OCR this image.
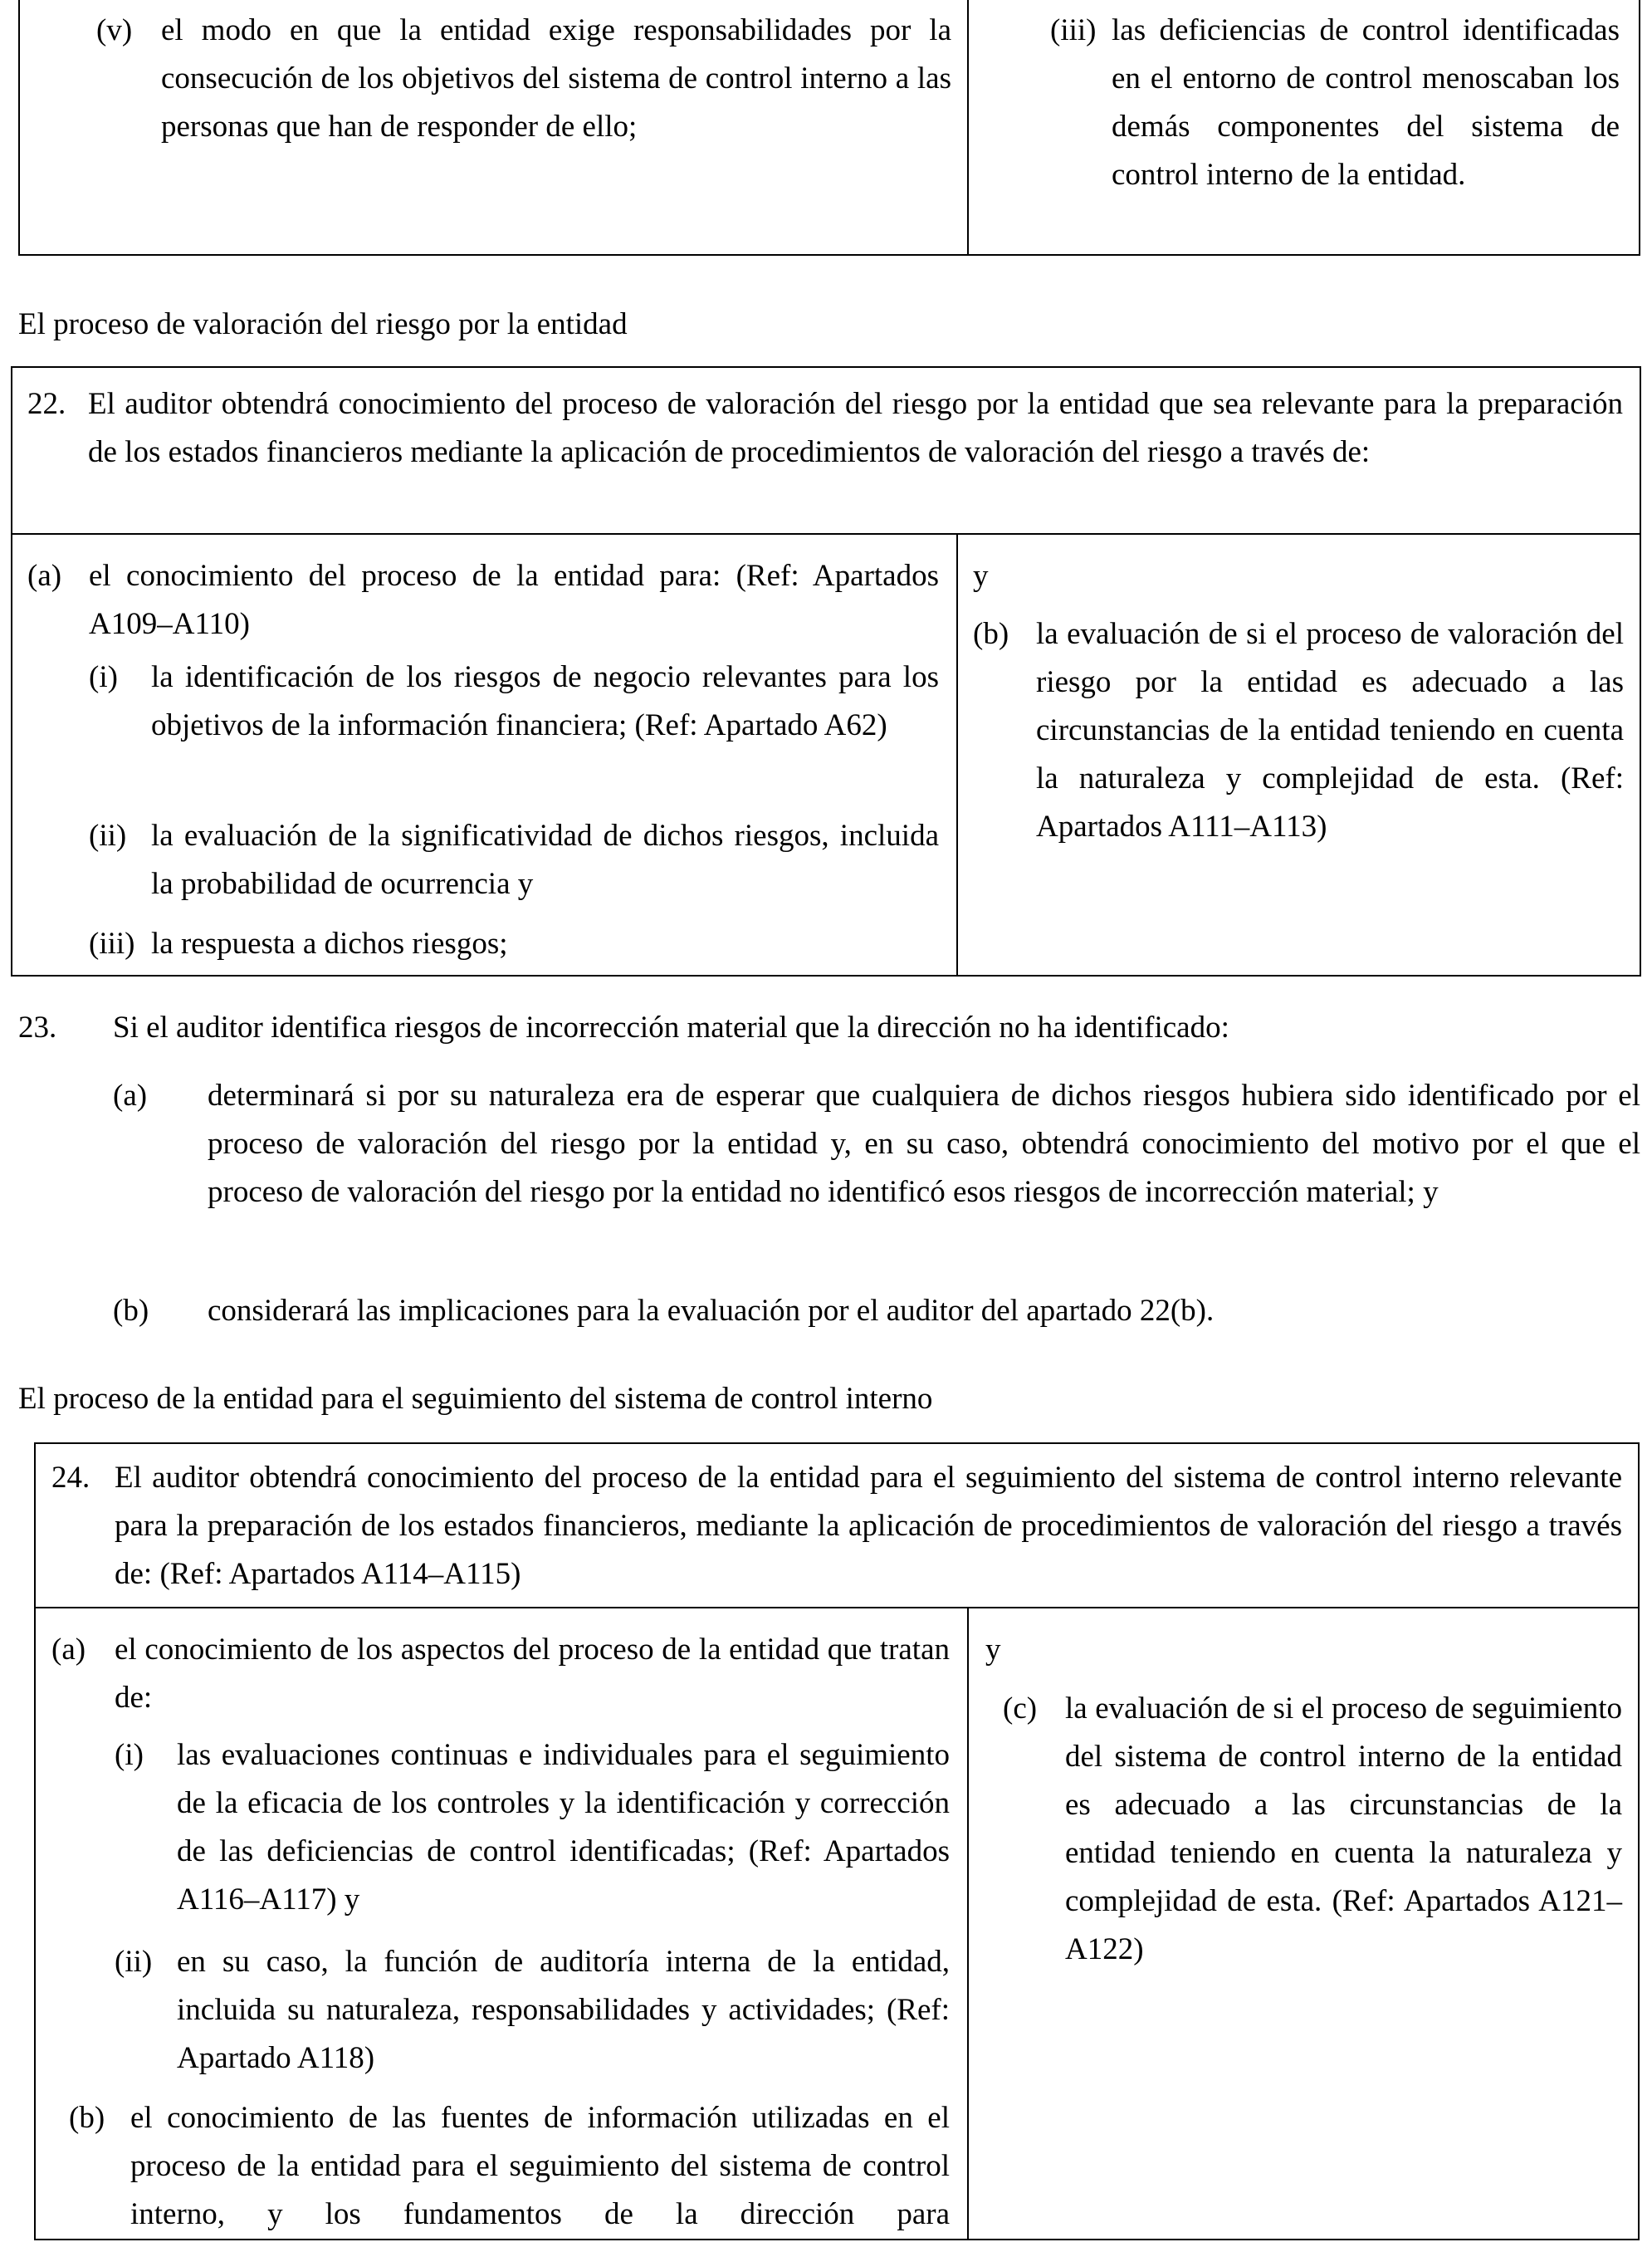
(v) el modo en que la entidad exige responsabilidades por la consecución de los objetivos del sistema de control interno a las personas que han de responder de ello;
(iii) las deficiencias de control identificadas en el entorno de control menoscaban los demás componentes del sistema de control interno de la entidad.
El proceso de valoración del riesgo por la entidad
22. El auditor obtendrá conocimiento del proceso de valoración del riesgo por la entidad que sea relevante para la preparación de los estados financieros mediante la aplicación de procedimientos de valoración del riesgo a través de:
(a) el conocimiento del proceso de la entidad para: (Ref: Apartados A109–A110)
(i)	la identificación de los riesgos de negocio relevantes para los objetivos de la información financiera; (Ref: Apartado A62)
(ii) la evaluación de la significatividad de dichos riesgos, incluida la probabilidad de ocurrencia y
(iii) la respuesta a dichos riesgos;
y
(b) la evaluación de si el proceso de valoración del riesgo por la entidad es adecuado a las circunstancias de la entidad teniendo en cuenta la naturaleza y complejidad de esta. (Ref: Apartados A111–A113)
23.	Si el auditor identifica riesgos de incorrección material que la dirección no ha identificado:
(a)	determinará si por su naturaleza era de esperar que cualquiera de dichos riesgos hubiera sido identificado por el proceso de valoración del riesgo por la entidad y, en su caso, obtendrá conocimiento del motivo por el que el proceso de valoración del riesgo por la entidad no identificó esos riesgos de incorrección material; y
(b)	considerará las implicaciones para la evaluación por el auditor del apartado 22(b).
El proceso de la entidad para el seguimiento del sistema de control interno
24. El auditor obtendrá conocimiento del proceso de la entidad para el seguimiento del sistema de control interno relevante para la preparación de los estados financieros, mediante la aplicación de procedimientos de valoración del riesgo a través de: (Ref: Apartados A114–A115)
(a) el conocimiento de los aspectos del proceso de la entidad que tratan de:
(i)	las evaluaciones continuas e individuales para el seguimiento de la eficacia de los controles y la identificación y corrección de las deficiencias de control identificadas; (Ref: Apartados A116–A117) y
(ii) en su caso, la función de auditoría interna de la entidad, incluida su naturaleza, responsabilidades y actividades; (Ref: Apartado A118)
(b) el conocimiento de las fuentes de información utilizadas en el proceso de la entidad para el seguimiento del sistema de control interno, y los fundamentos de la dirección para
y
(c) la evaluación de si el proceso de seguimiento del sistema de control interno de la entidad es adecuado a las circunstancias de la entidad teniendo en cuenta la naturaleza y complejidad de esta. (Ref: Apartados A121–A122)
